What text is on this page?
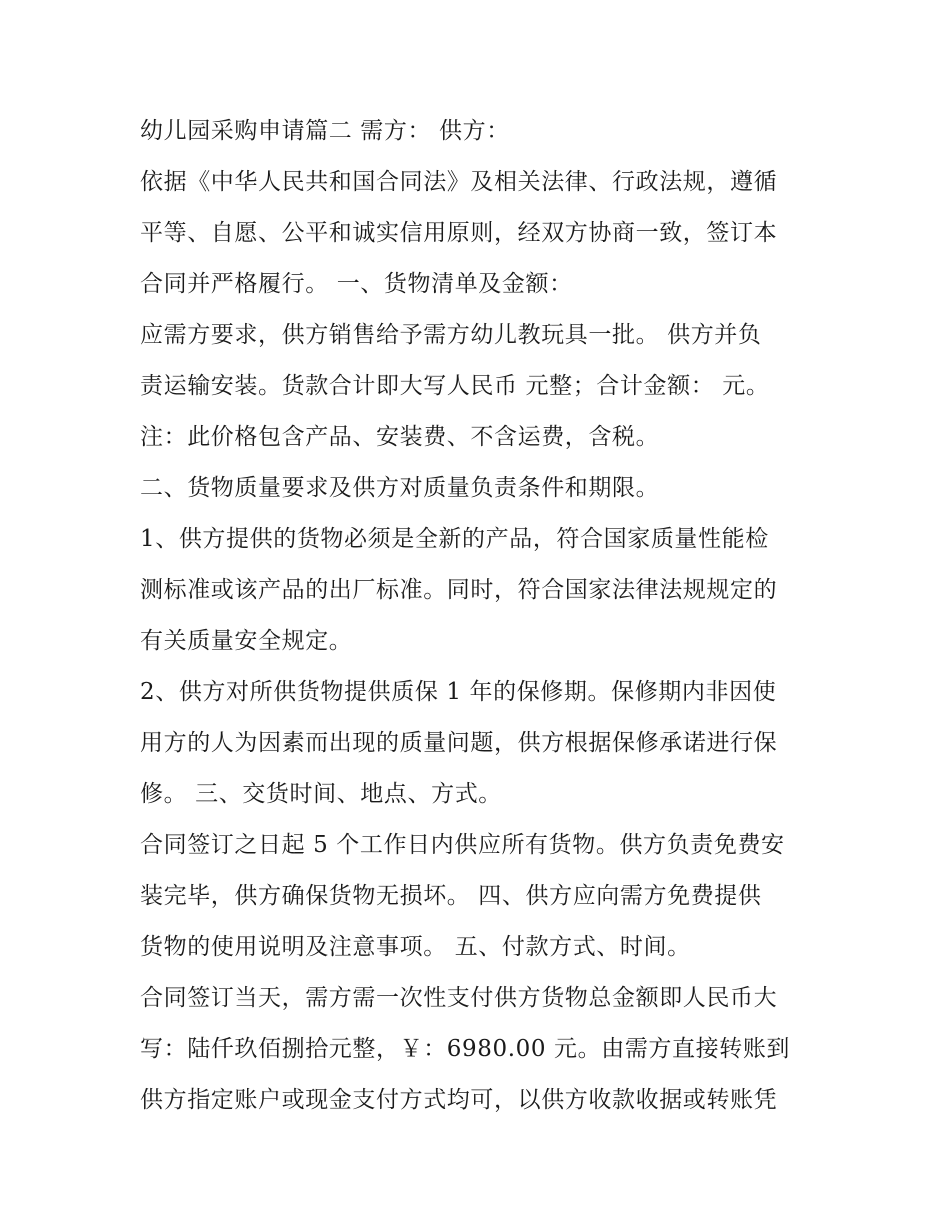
幼儿园采购申请篇二 需方： 供方：
依据《中华人民共和国合同法》及相关法律、行政法规，遵循
平等、自愿、公平和诚实信用原则，经双方协商一致，签订本
合同并严格履行。 一、货物清单及金额：
应需方要求，供方销售给予需方幼儿教玩具一批。 供方并负
责运输安装。货款合计即大写人民币 元整；合计金额： 元。
注：此价格包含产品、安装费、不含运费，含税。
二、货物质量要求及供方对质量负责条件和期限。
1、供方提供的货物必须是全新的产品，符合国家质量性能检
测标准或该产品的出厂标准。同时，符合国家法律法规规定的
有关质量安全规定。
2、供方对所供货物提供质保 1 年的保修期。保修期内非因使
用方的人为因素而出现的质量问题，供方根据保修承诺进行保
修。 三、交货时间、地点、方式。
合同签订之日起 5 个工作日内供应所有货物。供方负责免费安
装完毕，供方确保货物无损坏。 四、供方应向需方免费提供
货物的使用说明及注意事项。 五、付款方式、时间。
合同签订当天，需方需一次性支付供方货物总金额即人民币大
写：陆仟玖佰捌拾元整，￥：6980.00 元。由需方直接转账到
供方指定账户或现金支付方式均可，以供方收款收据或转账凭
